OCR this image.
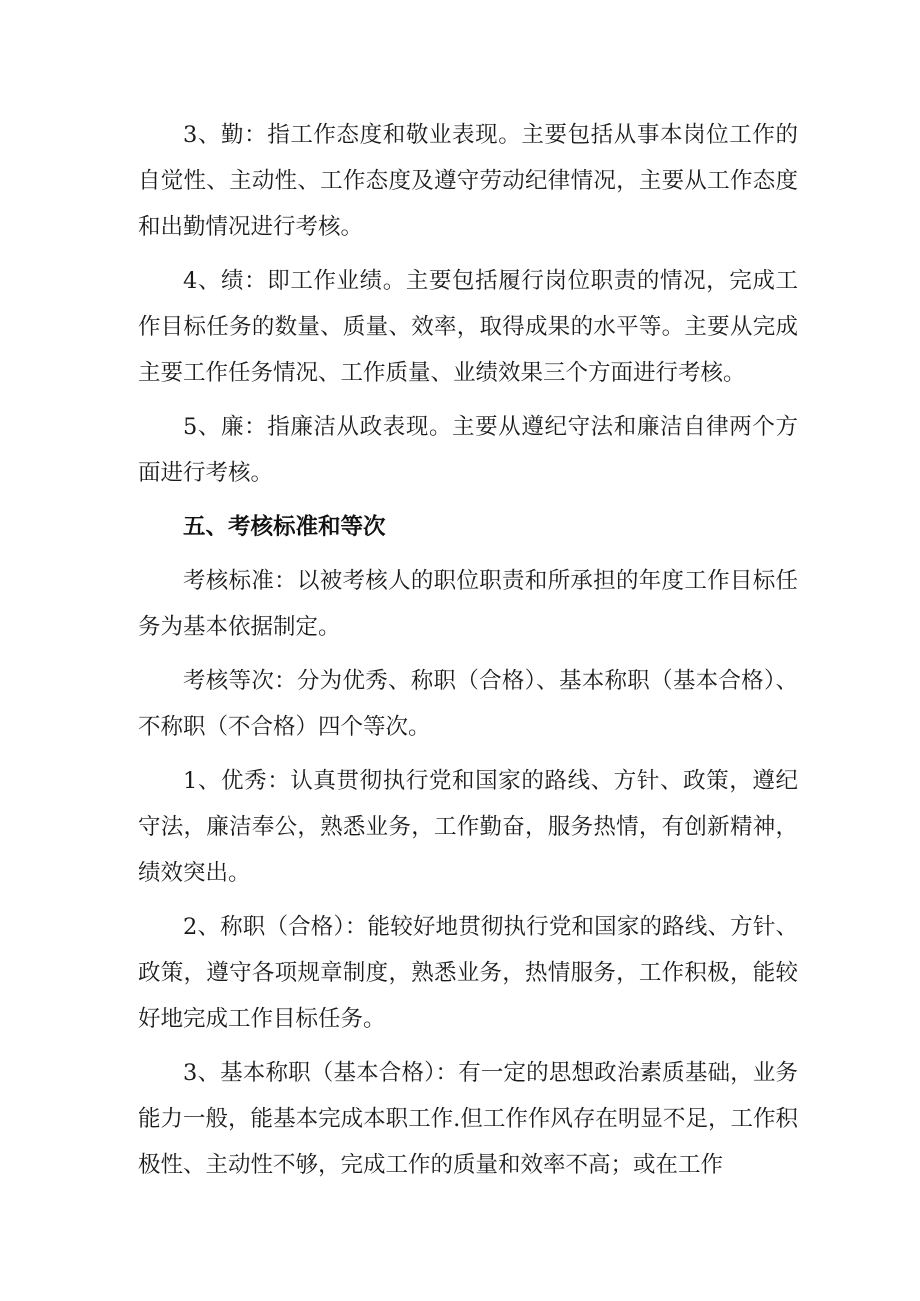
3、勤：指工作态度和敬业表现。主要包括从事本岗位工作的自觉性、主动性、工作态度及遵守劳动纪律情况，主要从工作态度和出勤情况进行考核。

4、绩：即工作业绩。主要包括履行岗位职责的情况，完成工作目标任务的数量、质量、效率，取得成果的水平等。主要从完成主要工作任务情况、工作质量、业绩效果三个方面进行考核。

5、廉：指廉洁从政表现。主要从遵纪守法和廉洁自律两个方面进行考核。

五、考核标准和等次

考核标准：以被考核人的职位职责和所承担的年度工作目标任务为基本依据制定。

考核等次：分为优秀、称职（合格）、基本称职（基本合格）、不称职（不合格）四个等次。

1、优秀：认真贯彻执行党和国家的路线、方针、政策，遵纪守法，廉洁奉公，熟悉业务，工作勤奋，服务热情，有创新精神，绩效突出。

2、称职（合格）：能较好地贯彻执行党和国家的路线、方针、政策，遵守各项规章制度，熟悉业务，热情服务，工作积极，能较好地完成工作目标任务。

3、基本称职（基本合格）：有一定的思想政治素质基础，业务能力一般，能基本完成本职工作.但工作作风存在明显不足，工作积极性、主动性不够，完成工作的质量和效率不高；或在工作
